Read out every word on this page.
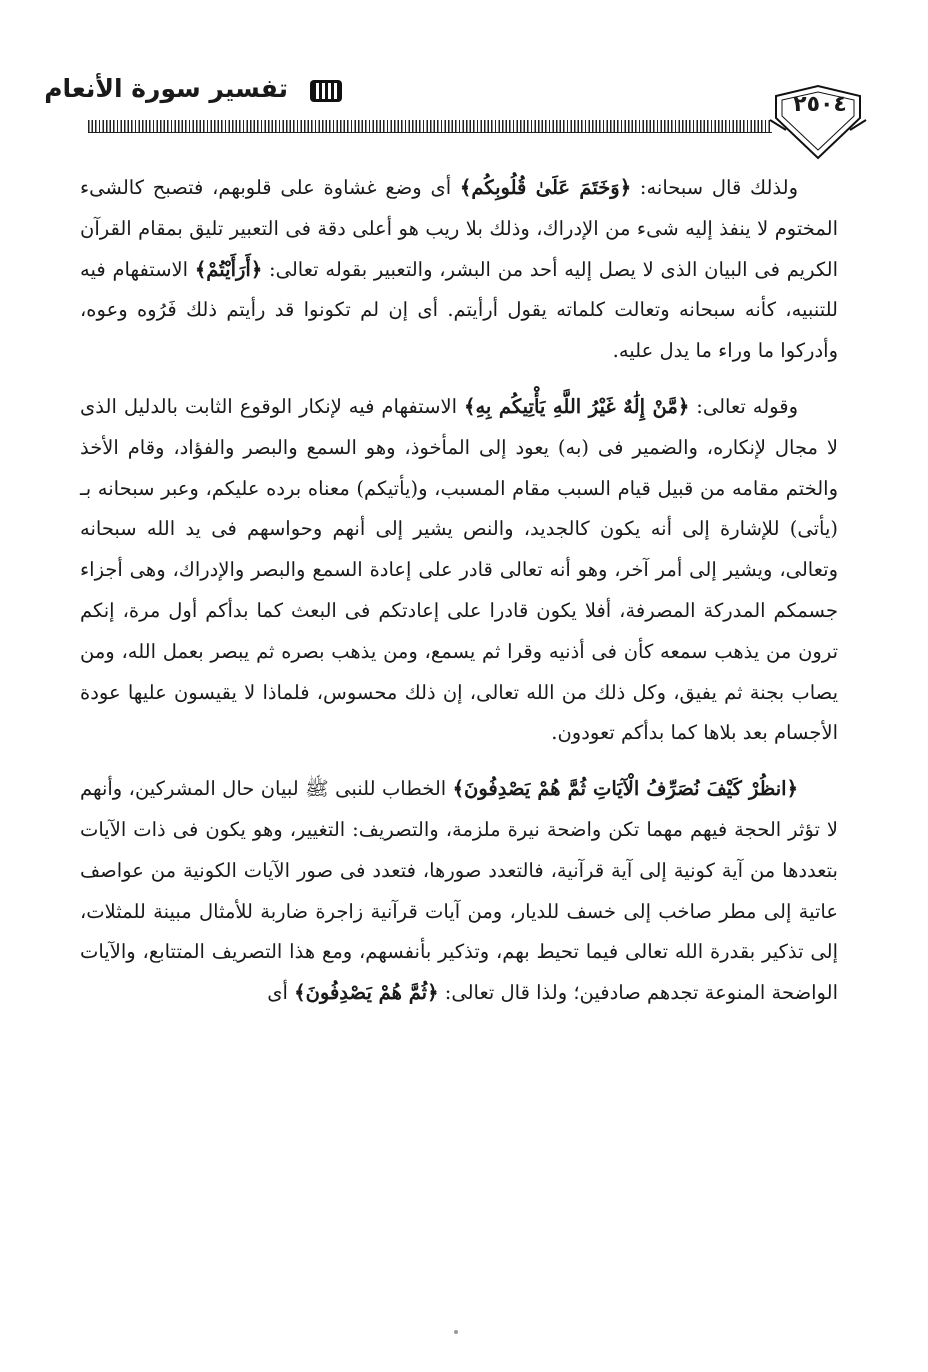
تفسير سورة الأنعام
٢٥٠٤

ولذلك قال سبحانه: ﴿وَخَتَمَ عَلَىٰ قُلُوبِكُم﴾ أى وضع غشاوة على قلوبهم، فتصبح كالشىء المختوم لا ينفذ إليه شىء من الإدراك، وذلك بلا ريب هو أعلى دقة فى التعبير تليق بمقام القرآن الكريم فى البيان الذى لا يصل إليه أحد من البشر، والتعبير بقوله تعالى: ﴿أَرَأَيْتُمْ﴾ الاستفهام فيه للتنبيه، كأنه سبحانه وتعالت كلماته يقول أرأيتم. أى إن لم تكونوا قد رأيتم ذلك فَرُوه وعوه، وأدركوا ما وراء ما يدل عليه.

وقوله تعالى: ﴿مَّنْ إِلَٰهٌ غَيْرُ اللَّهِ يَأْتِيكُم بِهِ﴾ الاستفهام فيه لإنكار الوقوع الثابت بالدليل الذى لا مجال لإنكاره، والضمير فى (به) يعود إلى المأخوذ، وهو السمع والبصر والفؤاد، وقام الأخذ والختم مقامه من قبيل قيام السبب مقام المسبب، و(يأتيكم) معناه برده عليكم، وعبر سبحانه بـ (يأتى) للإشارة إلى أنه يكون كالجديد، والنص يشير إلى أنهم وحواسهم فى يد الله سبحانه وتعالى، ويشير إلى أمر آخر، وهو أنه تعالى قادر على إعادة السمع والبصر والإدراك، وهى أجزاء جسمكم المدركة المصرفة، أفلا يكون قادرا على إعادتكم فى البعث كما بدأكم أول مرة، إنكم ترون من يذهب سمعه كأن فى أذنيه وقرا ثم يسمع، ومن يذهب بصره ثم يبصر بعمل الله، ومن يصاب بجنة ثم يفيق، وكل ذلك من الله تعالى، إن ذلك محسوس، فلماذا لا يقيسون عليها عودة الأجسام بعد بلاها كما بدأكم تعودون.

﴿انظُرْ كَيْفَ نُصَرِّفُ الْآيَاتِ ثُمَّ هُمْ يَصْدِفُونَ﴾ الخطاب للنبى ﷺ لبيان حال المشركين، وأنهم لا تؤثر الحجة فيهم مهما تكن واضحة نيرة ملزمة، والتصريف: التغيير، وهو يكون فى ذات الآيات بتعددها من آية كونية إلى آية قرآنية، فالتعدد صورها، فتعدد فى صور الآيات الكونية من عواصف عاتية إلى مطر صاخب إلى خسف للديار، ومن آيات قرآنية زاجرة ضاربة للأمثال مبينة للمثلات، إلى تذكير بقدرة الله تعالى فيما تحيط بهم، وتذكير بأنفسهم، ومع هذا التصريف المتتابع، والآيات الواضحة المنوعة تجدهم صادفين؛ ولذا قال تعالى: ﴿ثُمَّ هُمْ يَصْدِفُونَ﴾ أى
